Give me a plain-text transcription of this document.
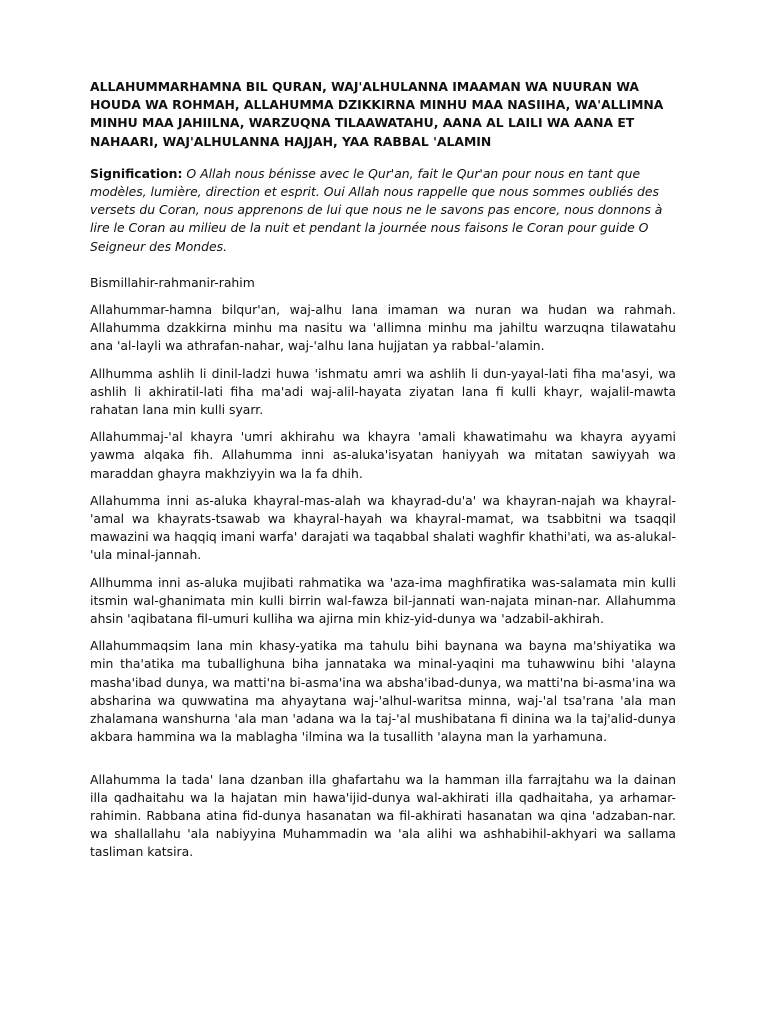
ALLAHUMMARHAMNA BIL QURAN, WAJ'ALHULANNA IMAAMAN WA NUURAN WA HOUDA WA ROHMAH, ALLAHUMMA DZIKKIRNA MINHU MAA NASIIHA, WA'ALLIMNA MINHU MAA JAHIILNA, WARZUQNA TILAAWATAHU, AANA AL LAILI WA AANA ET NAHAARI, WAJ'ALHULANNA HAJJAH, YAA RABBAL 'ALAMIN

Signification: O Allah nous bénisse avec le Qur'an, fait le Qur'an pour nous en tant que modèles, lumière, direction et esprit. Oui Allah nous rappelle que nous sommes oubliés des versets du Coran, nous apprenons de lui que nous ne le savons pas encore, nous donnons à lire le Coran au milieu de la nuit et pendant la journée nous faisons le Coran pour guide O Seigneur des Mondes.

Bismillahir-rahmanir-rahim

Allahummar-hamna bilqur'an, waj-alhu lana imaman wa nuran wa hudan wa rahmah. Allahumma dzakkirna minhu ma nasitu wa 'allimna minhu ma jahiltu warzuqna tilawatahu ana 'al-layli wa athrafan-nahar, waj-'alhu lana hujjatan ya rabbal-'alamin.

Allhumma ashlih li dinil-ladzi huwa 'ishmatu amri wa ashlih li dun-yayal-lati fiha ma'asyi, wa ashlih li akhiratil-lati fiha ma'adi waj-alil-hayata ziyatan lana fi kulli khayr, wajalil-mawta rahatan lana min kulli syarr.

Allahummaj-'al khayra 'umri akhirahu wa khayra 'amali khawatimahu wa khayra ayyami yawma alqaka fih. Allahumma inni as-aluka'isyatan haniyyah wa mitatan sawiyyah wa maraddan ghayra makhziyyin wa la fa dhih.

Allahumma inni as-aluka khayral-mas-alah wa khayrad-du'a' wa khayran-najah wa khayral-'amal wa khayrats-tsawab wa khayral-hayah wa khayral-mamat, wa tsabbitni wa tsaqqil mawazini wa haqqiq imani warfa' darajati wa taqabbal shalati waghfir khathi'ati, wa as-alukal-'ula minal-jannah.

Allhumma inni as-aluka mujibati rahmatika wa 'aza-ima maghfiratika was-salamata min kulli itsmin wal-ghanimata min kulli birrin wal-fawza bil-jannati wan-najata minan-nar. Allahumma ahsin 'aqibatana fil-umuri kulliha wa ajirna min khiz-yid-dunya wa 'adzabil-akhirah.

Allahummaqsim lana min khasy-yatika ma tahulu bihi baynana wa bayna ma'shiyatika wa min tha'atika ma tuballighuna biha jannataka wa minal-yaqini ma tuhawwinu bihi 'alayna masha'ibad dunya, wa matti'na bi-asma'ina wa absha'ibad-dunya, wa matti'na bi-asma'ina wa absharina wa quwwatina ma ahyaytana waj-'alhul-waritsa minna, waj-'al tsa'rana 'ala man zhalamana wanshurna 'ala man 'adana wa la taj-'al mushibatana fi dinina wa la taj'alid-dunya akbara hammina wa la mablagha 'ilmina wa la tusallith 'alayna man la yarhamuna.

Allahumma la tada' lana dzanban illa ghafartahu wa la hamman illa farrajtahu wa la dainan illa qadhaitahu wa la hajatan min hawa'ijid-dunya wal-akhirati illa qadhaitaha, ya arhamar-rahimin. Rabbana atina fid-dunya hasanatan wa fil-akhirati hasanatan wa qina 'adzaban-nar. wa shallallahu 'ala nabiyyina Muhammadin wa 'ala alihi wa ashhabihil-akhyari wa sallama tasliman katsira.
